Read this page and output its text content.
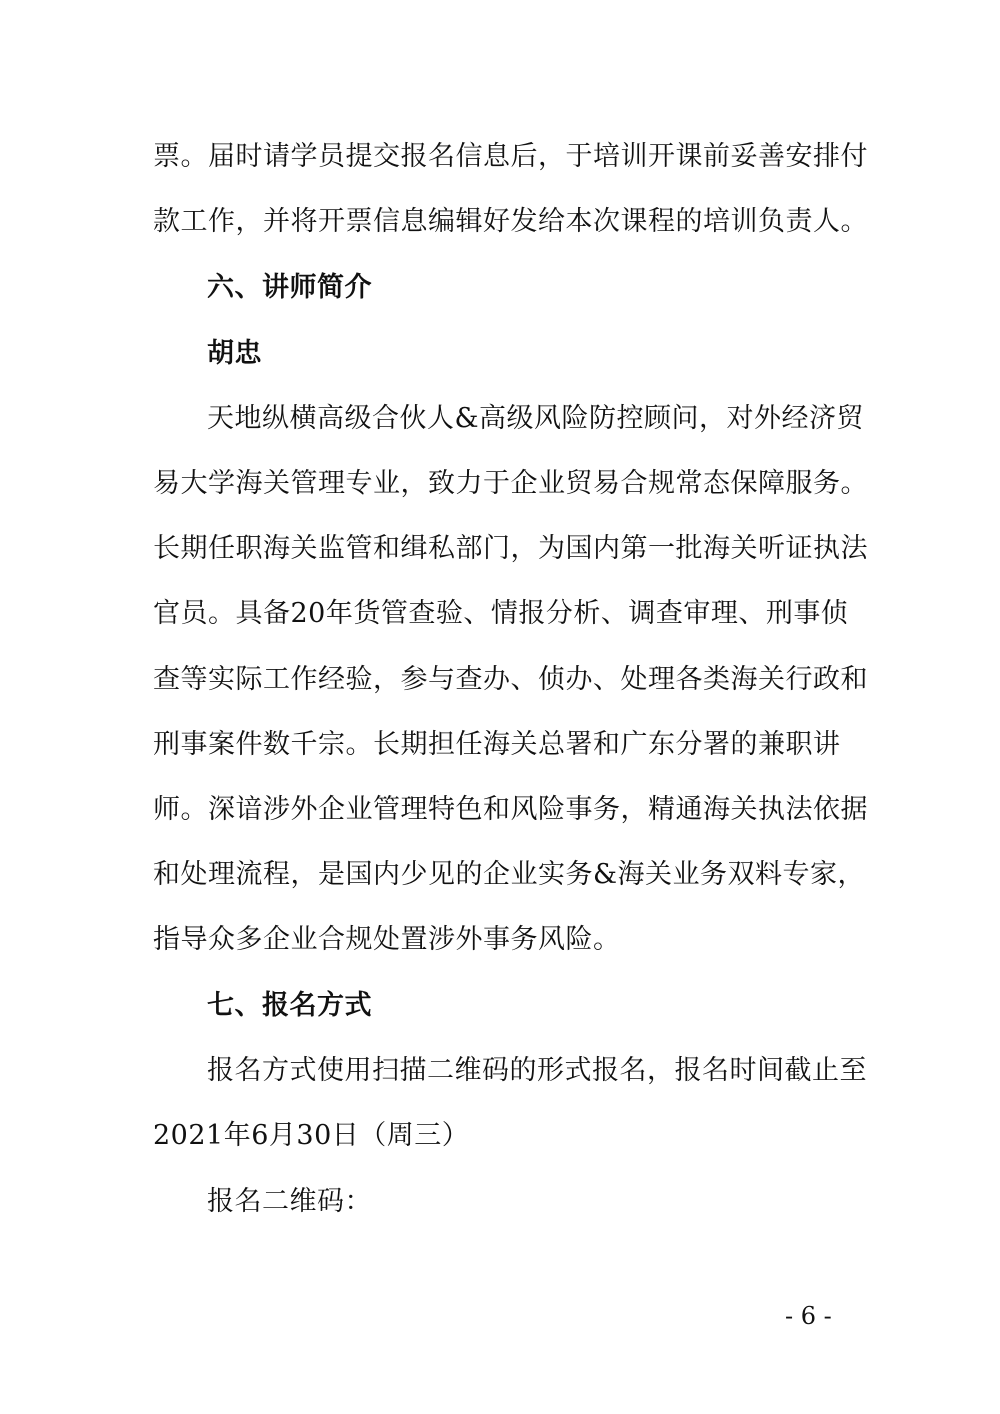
票。届时请学员提交报名信息后，于培训开课前妥善安排付
款工作，并将开票信息编辑好发给本次课程的培训负责人。
六、讲师简介
胡忠
天地纵横高级合伙人&高级风险防控顾问，对外经济贸
易大学海关管理专业，致力于企业贸易合规常态保障服务。
长期任职海关监管和缉私部门，为国内第一批海关听证执法
官员。具备20年货管查验、情报分析、调查审理、刑事侦
查等实际工作经验，参与查办、侦办、处理各类海关行政和
刑事案件数千宗。长期担任海关总署和广东分署的兼职讲
师。深谙涉外企业管理特色和风险事务，精通海关执法依据
和处理流程，是国内少见的企业实务&海关业务双料专家，
指导众多企业合规处置涉外事务风险。
七、报名方式
报名方式使用扫描二维码的形式报名，报名时间截止至
2021年6月30日（周三）
报名二维码：
- 6 -
